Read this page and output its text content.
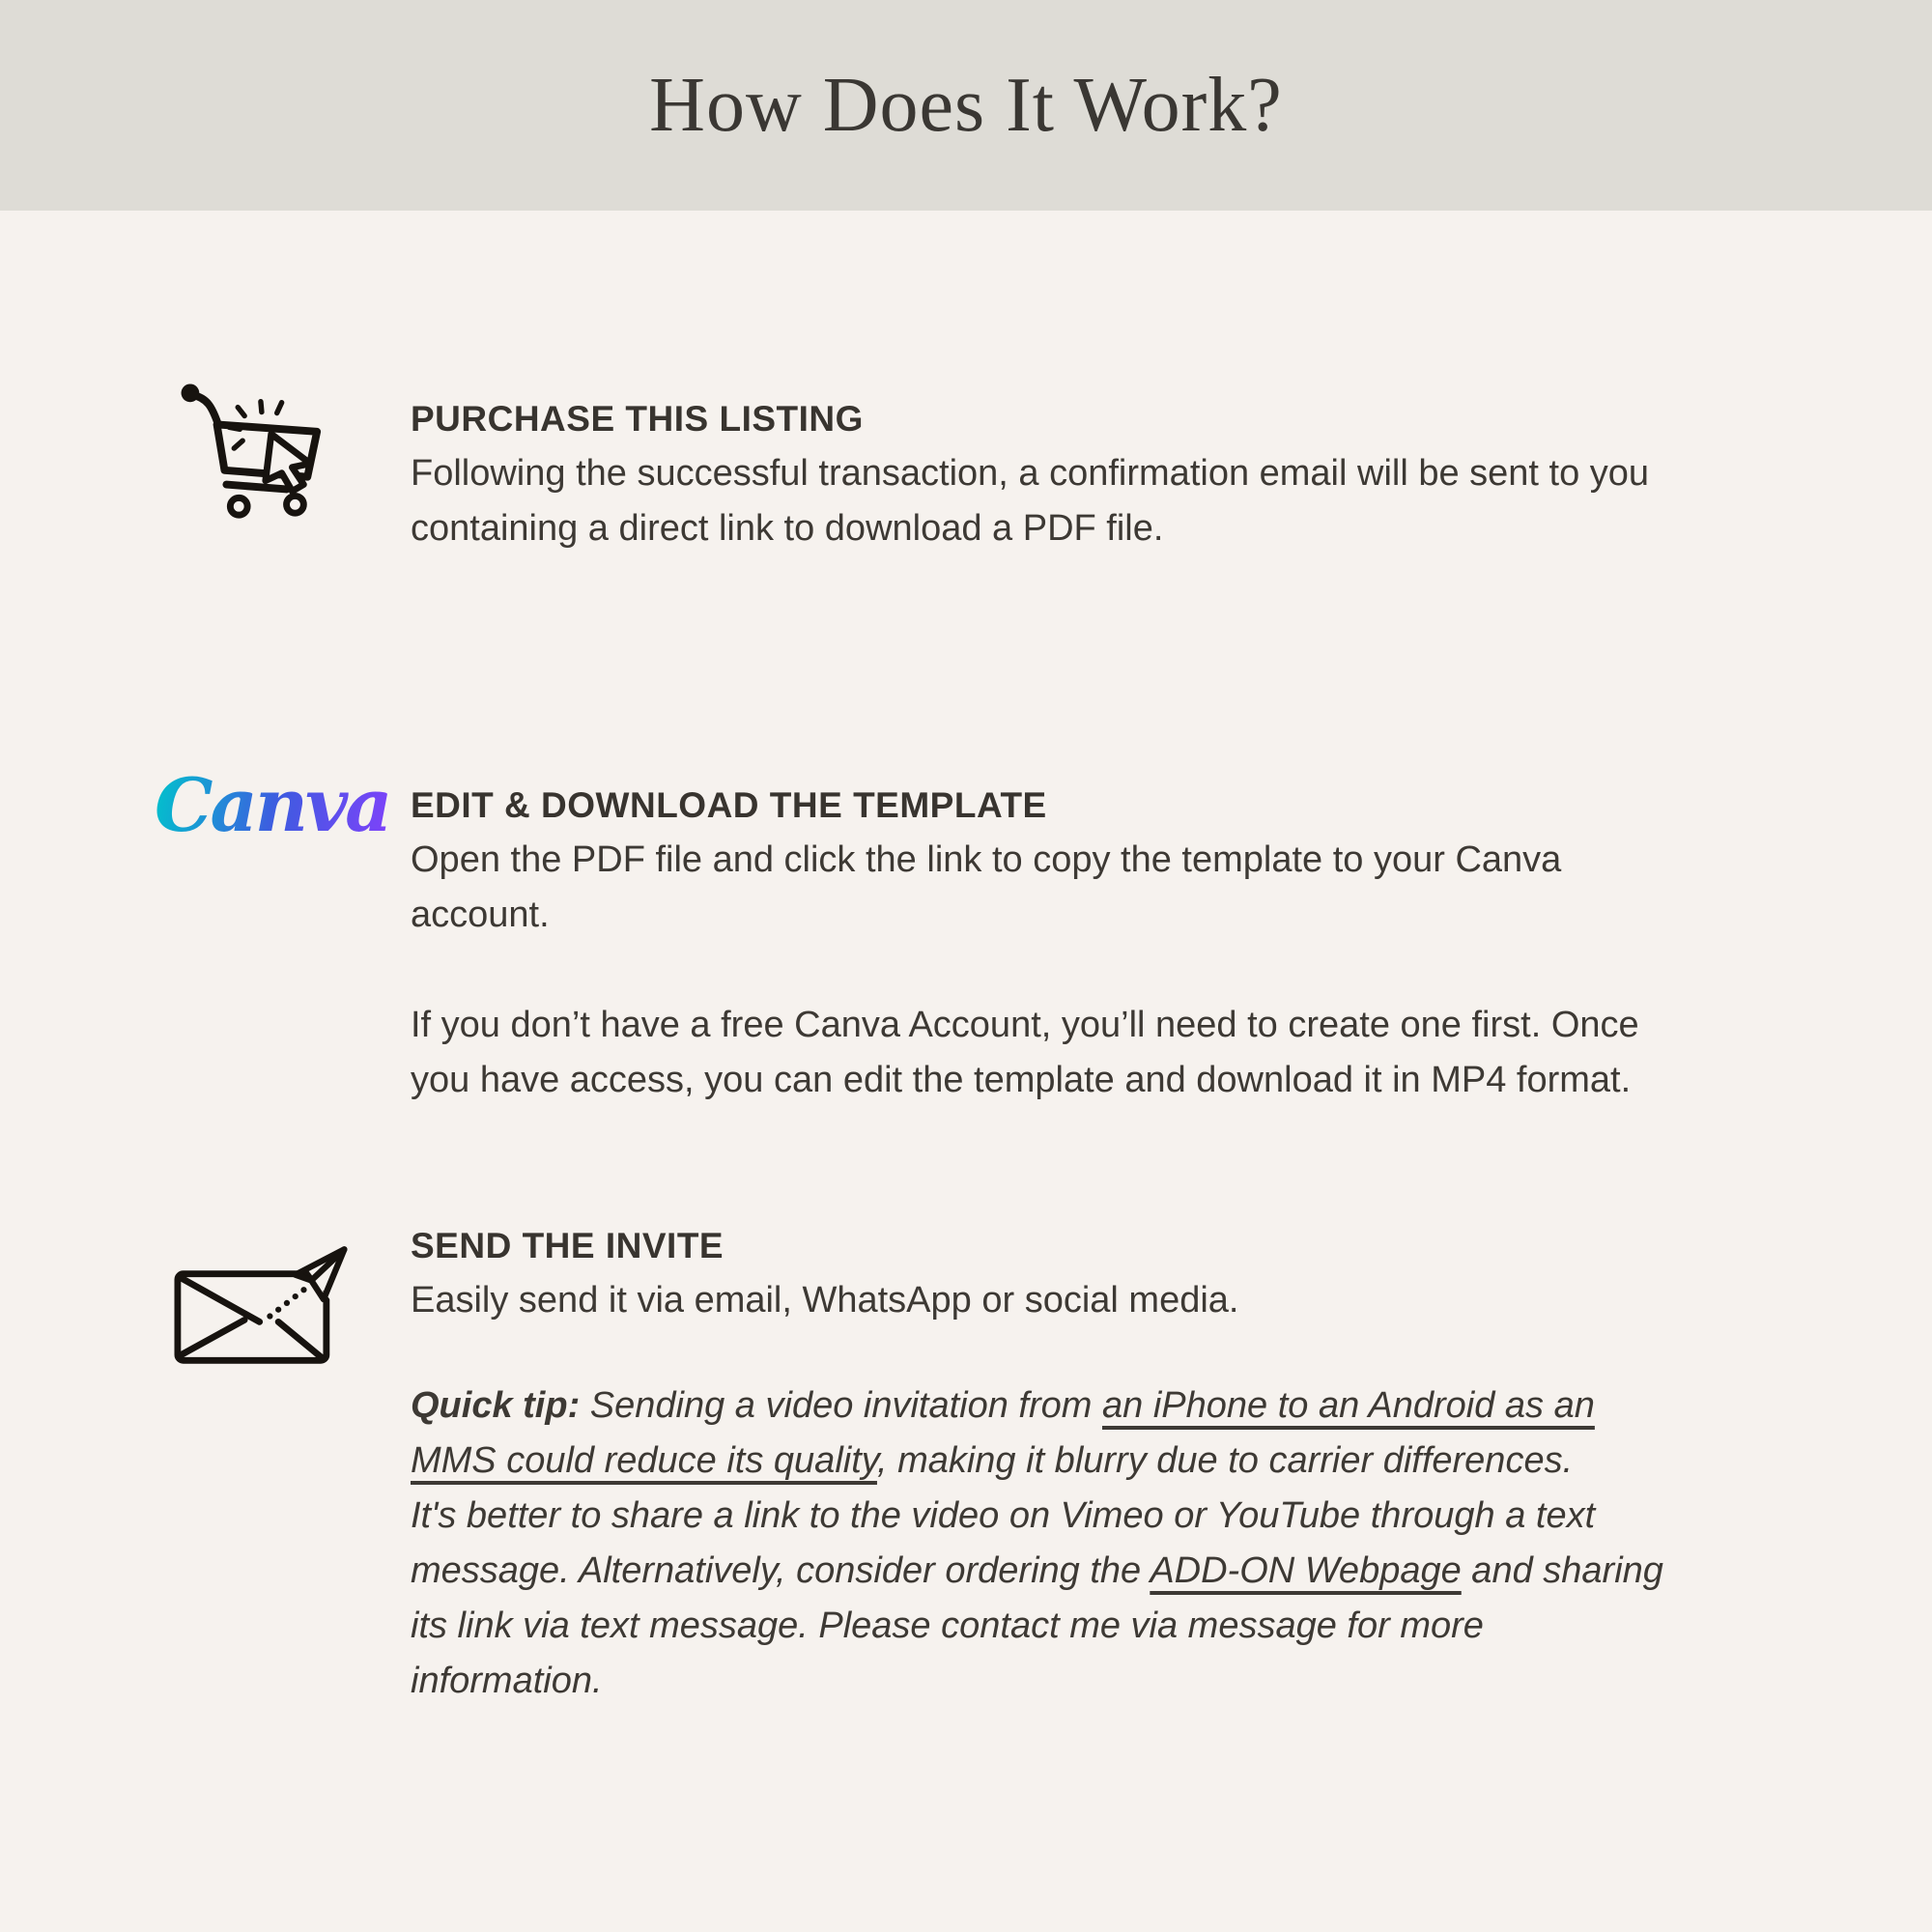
How Does It Work?
PURCHASE THIS LISTING

Following the successful transaction, a confirmation email will be sent to you containing a direct link to download a PDF file.

Canva EDIT & DOWNLOAD THE TEMPLATE

Open the PDF file and click the link to copy the template to your Canva account.

If you don’t have a free Canva Account, you’ll need to create one first. Once you have access, you can edit the template and download it in MP4 format.

SEND THE INVITE

Easily send it via email, WhatsApp or social media.

Quick tip: Sending a video invitation from an iPhone to an Android as an MMS could reduce its quality, making it blurry due to carrier differences.
It's better to share a link to the video on Vimeo or YouTube through a text message. Alternatively, consider ordering the ADD-ON Webpage and sharing its link via text message. Please contact me via message for more information.
